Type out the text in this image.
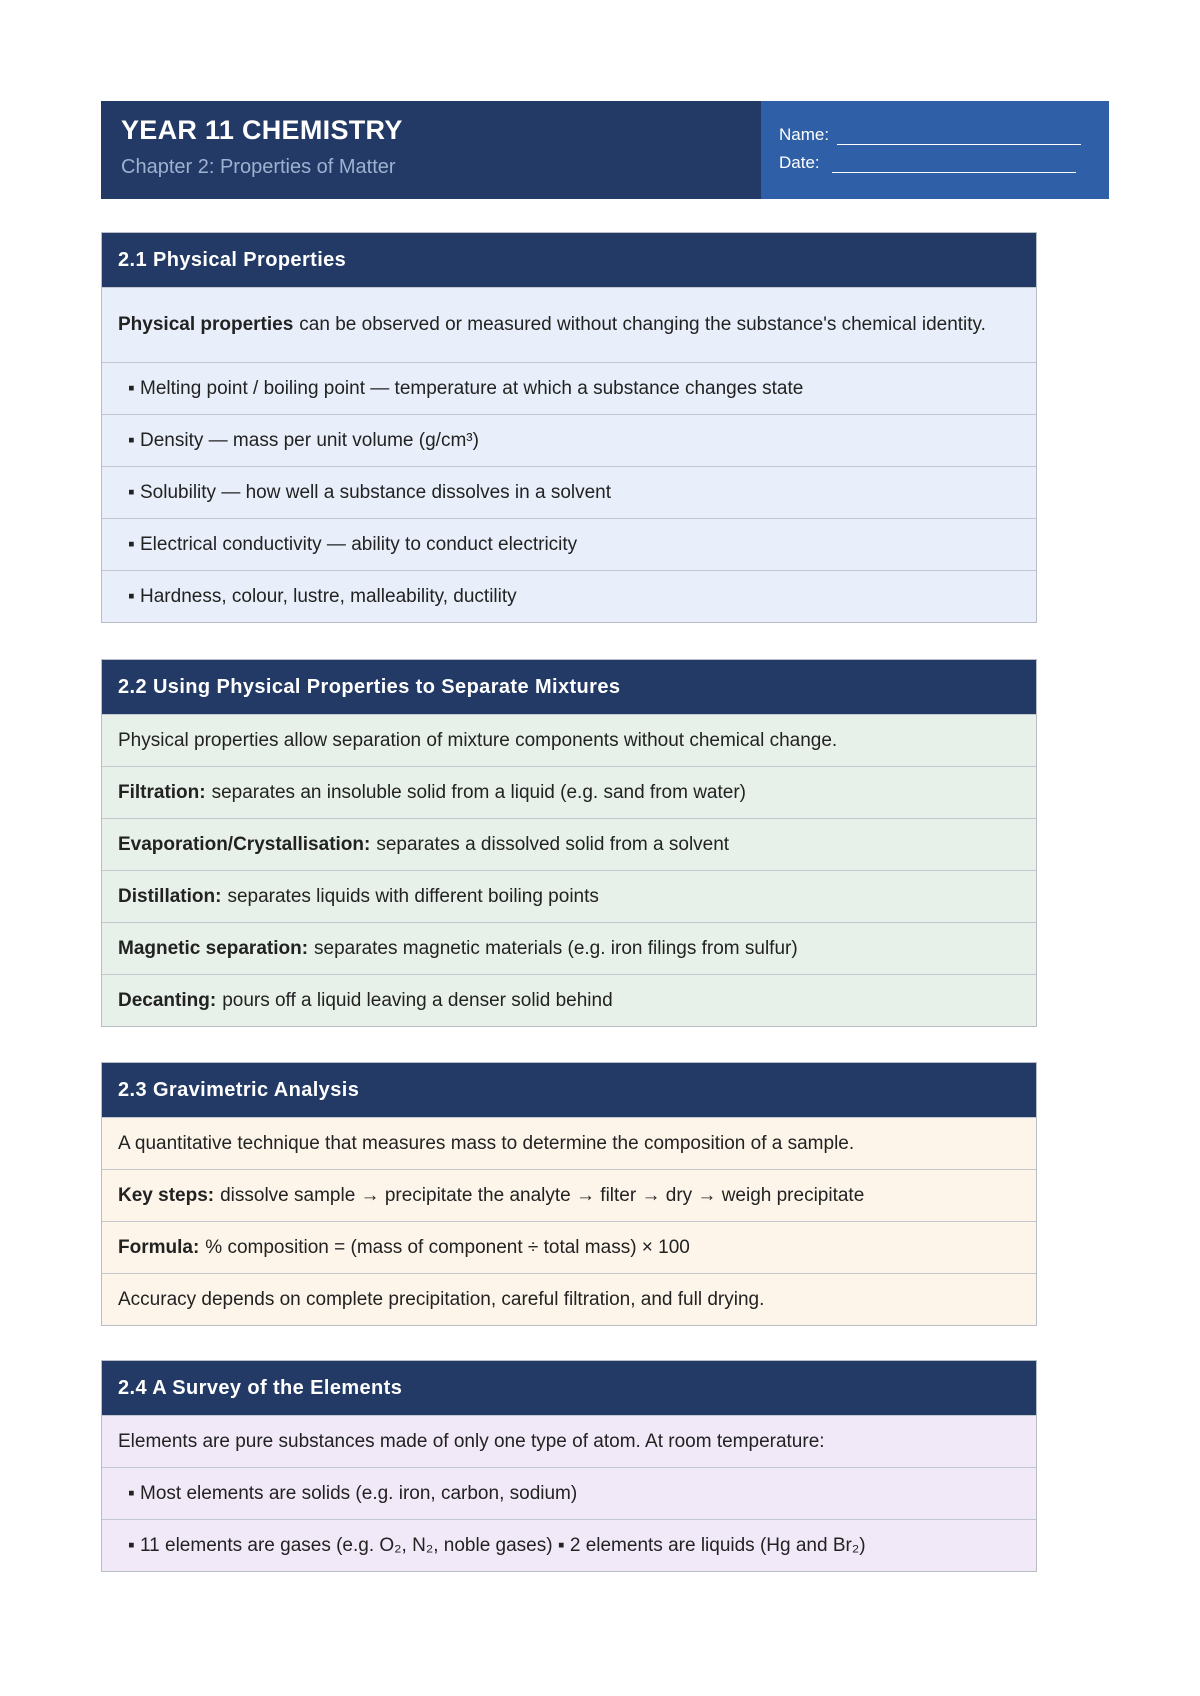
YEAR 11 CHEMISTRY
Chapter 2: Properties of Matter
Name:
Date:
2.1 Physical Properties
Physical properties can be observed or measured without changing the substance's chemical identity.
▪ Melting point / boiling point — temperature at which a substance changes state
▪ Density — mass per unit volume (g/cm³)
▪ Solubility — how well a substance dissolves in a solvent
▪ Electrical conductivity — ability to conduct electricity
▪ Hardness, colour, lustre, malleability, ductility
2.2 Using Physical Properties to Separate Mixtures
Physical properties allow separation of mixture components without chemical change.
Filtration: separates an insoluble solid from a liquid (e.g. sand from water)
Evaporation/Crystallisation: separates a dissolved solid from a solvent
Distillation: separates liquids with different boiling points
Magnetic separation: separates magnetic materials (e.g. iron filings from sulfur)
Decanting: pours off a liquid leaving a denser solid behind
2.3 Gravimetric Analysis
A quantitative technique that measures mass to determine the composition of a sample.
Key steps: dissolve sample → precipitate the analyte → filter → dry → weigh precipitate
Formula: % composition = (mass of component ÷ total mass) × 100
Accuracy depends on complete precipitation, careful filtration, and full drying.
2.4 A Survey of the Elements
Elements are pure substances made of only one type of atom. At room temperature:
▪ Most elements are solids (e.g. iron, carbon, sodium)
▪ 11 elements are gases (e.g. O₂, N₂, noble gases) ▪ 2 elements are liquids (Hg and Br₂)
